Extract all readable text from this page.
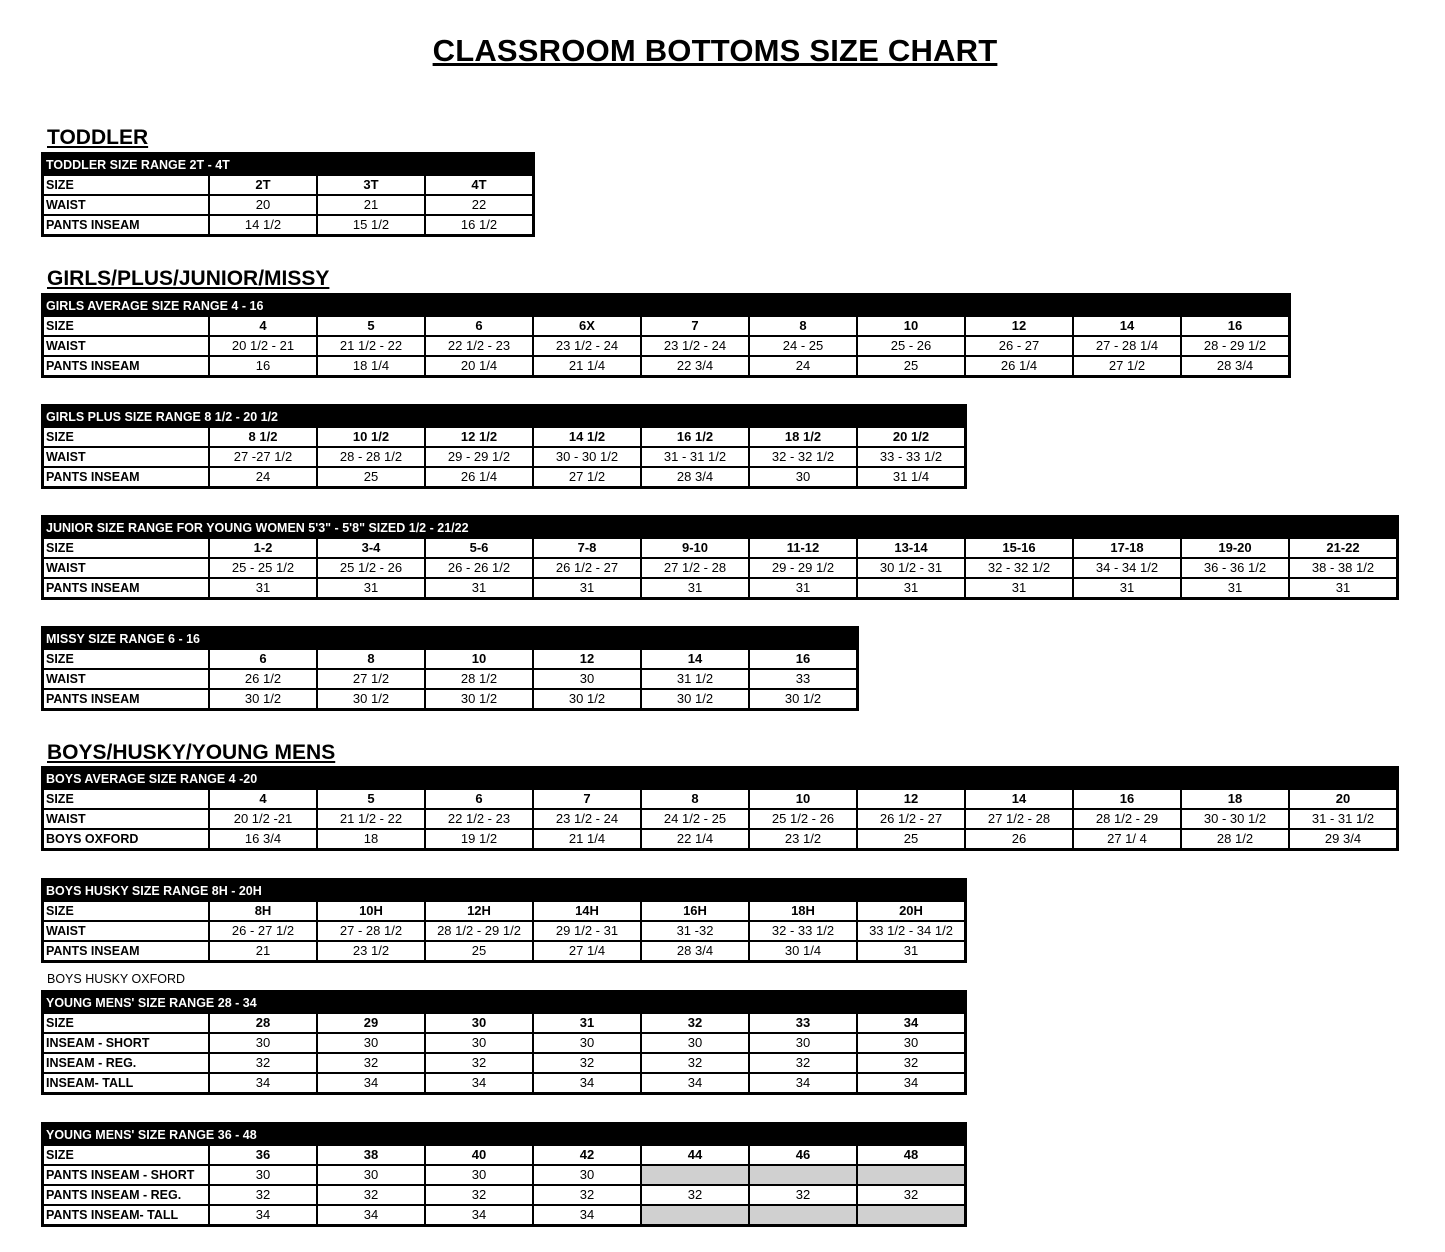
CLASSROOM BOTTOMS SIZE CHART
TODDLER
GIRLS/PLUS/JUNIOR/MISSY
BOYS/HUSKY/YOUNG MENS
BOYS HUSKY OXFORD
TODDLER SIZE RANGE 2T - 4T			
SIZE	2T	3T	4T
WAIST	20	21	22
PANTS INSEAM	14 1/2	15 1/2	16 1/2
GIRLS AVERAGE SIZE RANGE 4 - 16										
SIZE	4	5	6	6X	7	8	10	12	14	16
WAIST	20 1/2 - 21	21 1/2 - 22	22 1/2 - 23	23 1/2 - 24	23 1/2 - 24	24 - 25	25 - 26	26 - 27	27 - 28 1/4	28 - 29 1/2
PANTS INSEAM	16	18 1/4	20 1/4	21 1/4	22 3/4	24	25	26 1/4	27 1/2	28 3/4
GIRLS PLUS SIZE RANGE 8 1/2 - 20 1/2							
SIZE	8 1/2	10 1/2	12 1/2	14 1/2	16 1/2	18 1/2	20 1/2
WAIST	27 -27 1/2	28 - 28 1/2	29 - 29 1/2	30 - 30 1/2	31 - 31 1/2	32 - 32 1/2	33 - 33 1/2
PANTS INSEAM	24	25	26 1/4	27 1/2	28 3/4	30	31 1/4
JUNIOR SIZE RANGE FOR YOUNG WOMEN 5'3" - 5'8" SIZED 1/2 - 21/22											
SIZE	1-2	3-4	5-6	7-8	9-10	11-12	13-14	15-16	17-18	19-20	21-22
WAIST	25 - 25 1/2	25 1/2 - 26	26 - 26 1/2	26 1/2 - 27	27 1/2 - 28	29 - 29 1/2	30 1/2 - 31	32 - 32 1/2	34 - 34 1/2	36 - 36 1/2	38 - 38 1/2
PANTS INSEAM	31	31	31	31	31	31	31	31	31	31	31
MISSY SIZE RANGE 6 - 16						
SIZE	6	8	10	12	14	16
WAIST	26 1/2	27 1/2	28 1/2	30	31 1/2	33
PANTS INSEAM	30 1/2	30 1/2	30 1/2	30 1/2	30 1/2	30 1/2
BOYS AVERAGE SIZE RANGE 4 -20											
SIZE	4	5	6	7	8	10	12	14	16	18	20
WAIST	20 1/2 -21	21 1/2 - 22	22 1/2 - 23	23 1/2 - 24	24 1/2 - 25	25 1/2 - 26	26 1/2 - 27	27 1/2 - 28	28 1/2 - 29	30 - 30 1/2	31 - 31 1/2
BOYS OXFORD	16 3/4	18	19 1/2	21 1/4	22 1/4	23 1/2	25	26	27 1/ 4	28 1/2	29 3/4
BOYS HUSKY SIZE RANGE 8H - 20H							
SIZE	8H	10H	12H	14H	16H	18H	20H
WAIST	26 - 27 1/2	27 - 28 1/2	28 1/2 - 29 1/2	29 1/2 - 31	31 -32	32 - 33 1/2	33 1/2 - 34 1/2
PANTS INSEAM	21	23 1/2	25	27 1/4	28 3/4	30 1/4	31
YOUNG MENS' SIZE RANGE 28 - 34							
SIZE	28	29	30	31	32	33	34
INSEAM - SHORT	30	30	30	30	30	30	30
INSEAM - REG.	32	32	32	32	32	32	32
INSEAM- TALL	34	34	34	34	34	34	34
YOUNG MENS' SIZE RANGE 36 - 48							
SIZE	36	38	40	42	44	46	48
PANTS INSEAM - SHORT	30	30	30	30			
PANTS INSEAM - REG.	32	32	32	32	32	32	32
PANTS INSEAM- TALL	34	34	34	34			
